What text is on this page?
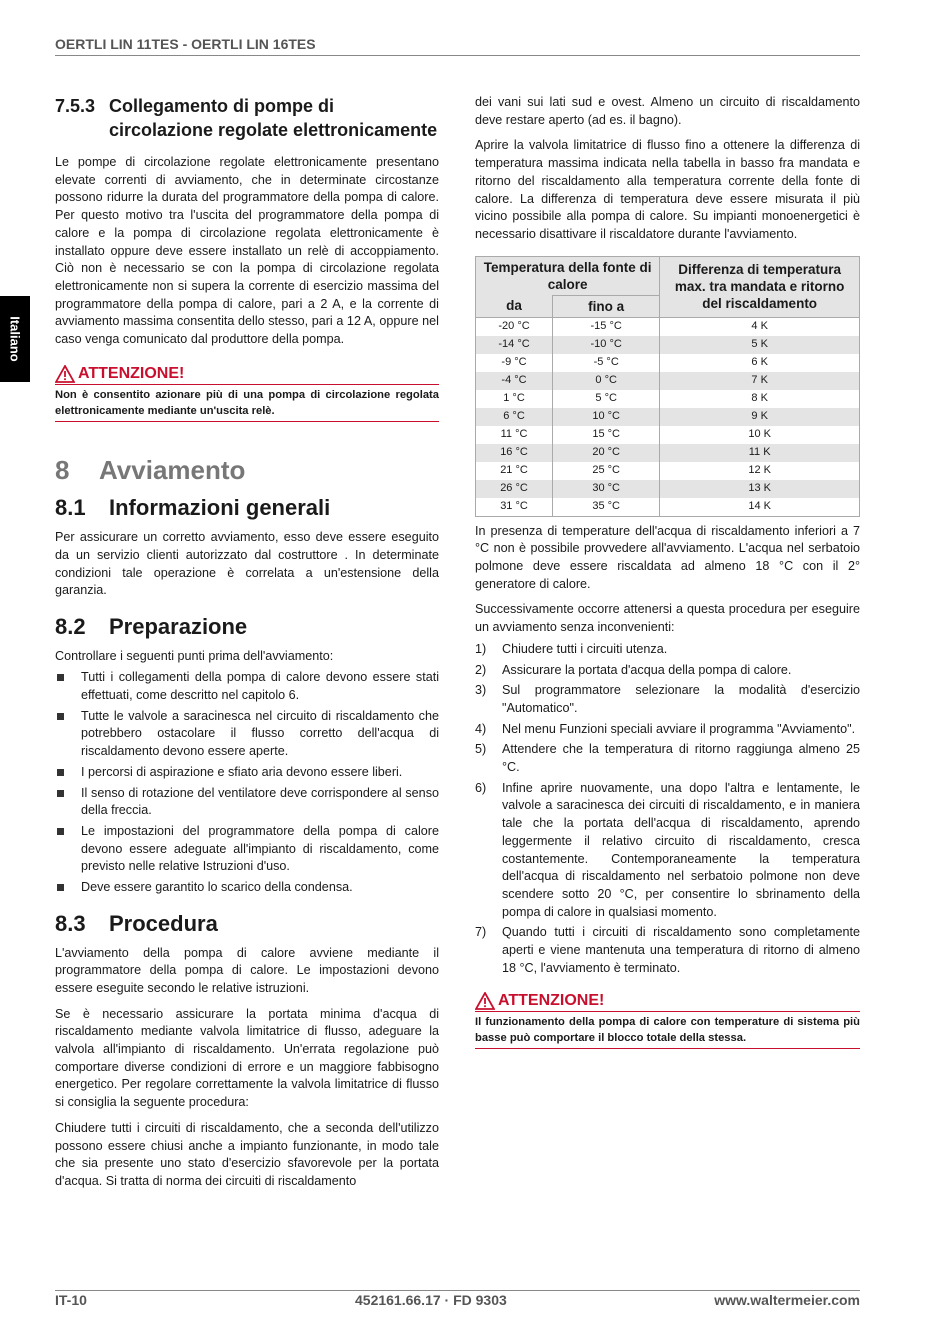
OERTLI LIN 11TES - OERTLI LIN 16TES
Italiano
7.5.3 Collegamento di pompe di circolazione regolate elettronicamente

Le pompe di circolazione regolate elettronicamente presentano elevate correnti di avviamento, che in determinate circostanze possono ridurre la durata del programmatore della pompa di calore. Per questo motivo tra l'uscita del programmatore della pompa di calore e la pompa di circolazione regolata elettronicamente è installato oppure deve essere installato un relè di accoppiamento. Ciò non è necessario se con la pompa di circolazione regolata elettronicamente non si supera la corrente di esercizio massima del programmatore della pompa di calore, pari a 2 A, e la corrente di avviamento massima consentita dello stesso, pari a 12 A, oppure nel caso venga comunicato dal produttore della pompa.

ATTENZIONE!
Non è consentito azionare più di una pompa di circolazione regolata elettronicamente mediante un'uscita relè.
8	Avviamento
8.1	Informazioni generali

Per assicurare un corretto avviamento, esso deve essere eseguito da un servizio clienti autorizzato dal costruttore . In determinate condizioni tale operazione è correlata a un'estensione della garanzia.

8.2	Preparazione

Controllare i seguenti punti prima dell'avviamento:

Tutti i collegamenti della pompa di calore devono essere stati effettuati, come descritto nel capitolo 6.
Tutte le valvole a saracinesca nel circuito di riscaldamento che potrebbero ostacolare il flusso corretto dell'acqua di riscaldamento devono essere aperte.
I percorsi di aspirazione e sfiato aria devono essere liberi.
Il senso di rotazione del ventilatore deve corrispondere al senso della freccia.
Le impostazioni del programmatore della pompa di calore devono essere adeguate all'impianto di riscaldamento, come previsto nelle relative Istruzioni d'uso.
Deve essere garantito lo scarico della condensa.
8.3	Procedura

L'avviamento della pompa di calore avviene mediante il programmatore della pompa di calore. Le impostazioni devono essere eseguite secondo le relative istruzioni.

Se è necessario assicurare la portata minima d'acqua di riscaldamento mediante valvola limitatrice di flusso, adeguare la valvola all'impianto di riscaldamento. Un'errata regolazione può comportare diverse condizioni di errore e un maggiore fabbisogno energetico. Per regolare correttamente la valvola limitatrice di flusso si consiglia la seguente procedura:

Chiudere tutti i circuiti di riscaldamento, che a seconda dell'utilizzo possono essere chiusi anche a impianto funzionante, in modo tale che sia presente uno stato d'esercizio sfavorevole per la portata d'acqua. Si tratta di norma dei circuiti di riscaldamento

dei vani sui lati sud e ovest. Almeno un circuito di riscaldamento deve restare aperto (ad es. il bagno).

Aprire la valvola limitatrice di flusso fino a ottenere la differenza di temperatura massima indicata nella tabella in basso fra mandata e ritorno del riscaldamento alla temperatura corrente della fonte di calore. La differenza di temperatura deve essere misurata il più vicino possibile alla pompa di calore. Su impianti monoenergetici è necessario disattivare il riscaldatore durante l'avviamento.

Temperatura della fonte di calore		Differenza di temperatura max. tra mandata e ritorno del riscaldamento
da	fino a	
-20 °C	-15 °C	4 K
-14 °C	-10 °C	5 K
-9 °C	-5 °C	6 K
-4 °C	0 °C	7 K
1 °C	5 °C	8 K
6 °C	10 °C	9 K
11 °C	15 °C	10 K
16 °C	20 °C	11 K
21 °C	25 °C	12 K
26 °C	30 °C	13 K
31 °C	35 °C	14 K

In presenza di temperature dell'acqua di riscaldamento inferiori a 7 °C non è possibile provvedere all'avviamento. L'acqua nel serbatoio polmone deve essere riscaldata ad almeno 18 °C con il 2° generatore di calore.

Successivamente occorre attenersi a questa procedura per eseguire un avviamento senza inconvenienti:

1)	Chiudere tutti i circuiti utenza.
2)	Assicurare la portata d'acqua della pompa di calore.
3)	Sul programmatore selezionare la modalità d'esercizio "Automatico".
4)	Nel menu Funzioni speciali avviare il programma "Avviamento".
5)	Attendere che la temperatura di ritorno raggiunga almeno 25 °C.
6)	Infine aprire nuovamente, una dopo l'altra e lentamente, le valvole a saracinesca dei circuiti di riscaldamento, e in maniera tale che la portata dell'acqua di riscaldamento, aprendo leggermente il relativo circuito di riscaldamento, cresca costantemente. Contemporaneamente la temperatura dell'acqua di riscaldamento nel serbatoio polmone non deve scendere sotto 20 °C, per consentire lo sbrinamento della pompa di calore in qualsiasi momento.
7)	Quando tutti i circuiti di riscaldamento sono completamente aperti e viene mantenuta una temperatura di ritorno di almeno 18 °C, l'avviamento è terminato.
ATTENZIONE!
Il funzionamento della pompa di calore con temperature di sistema più basse può comportare il blocco totale della stessa.
IT-10	452161.66.17 · FD 9303	www.waltermeier.com
